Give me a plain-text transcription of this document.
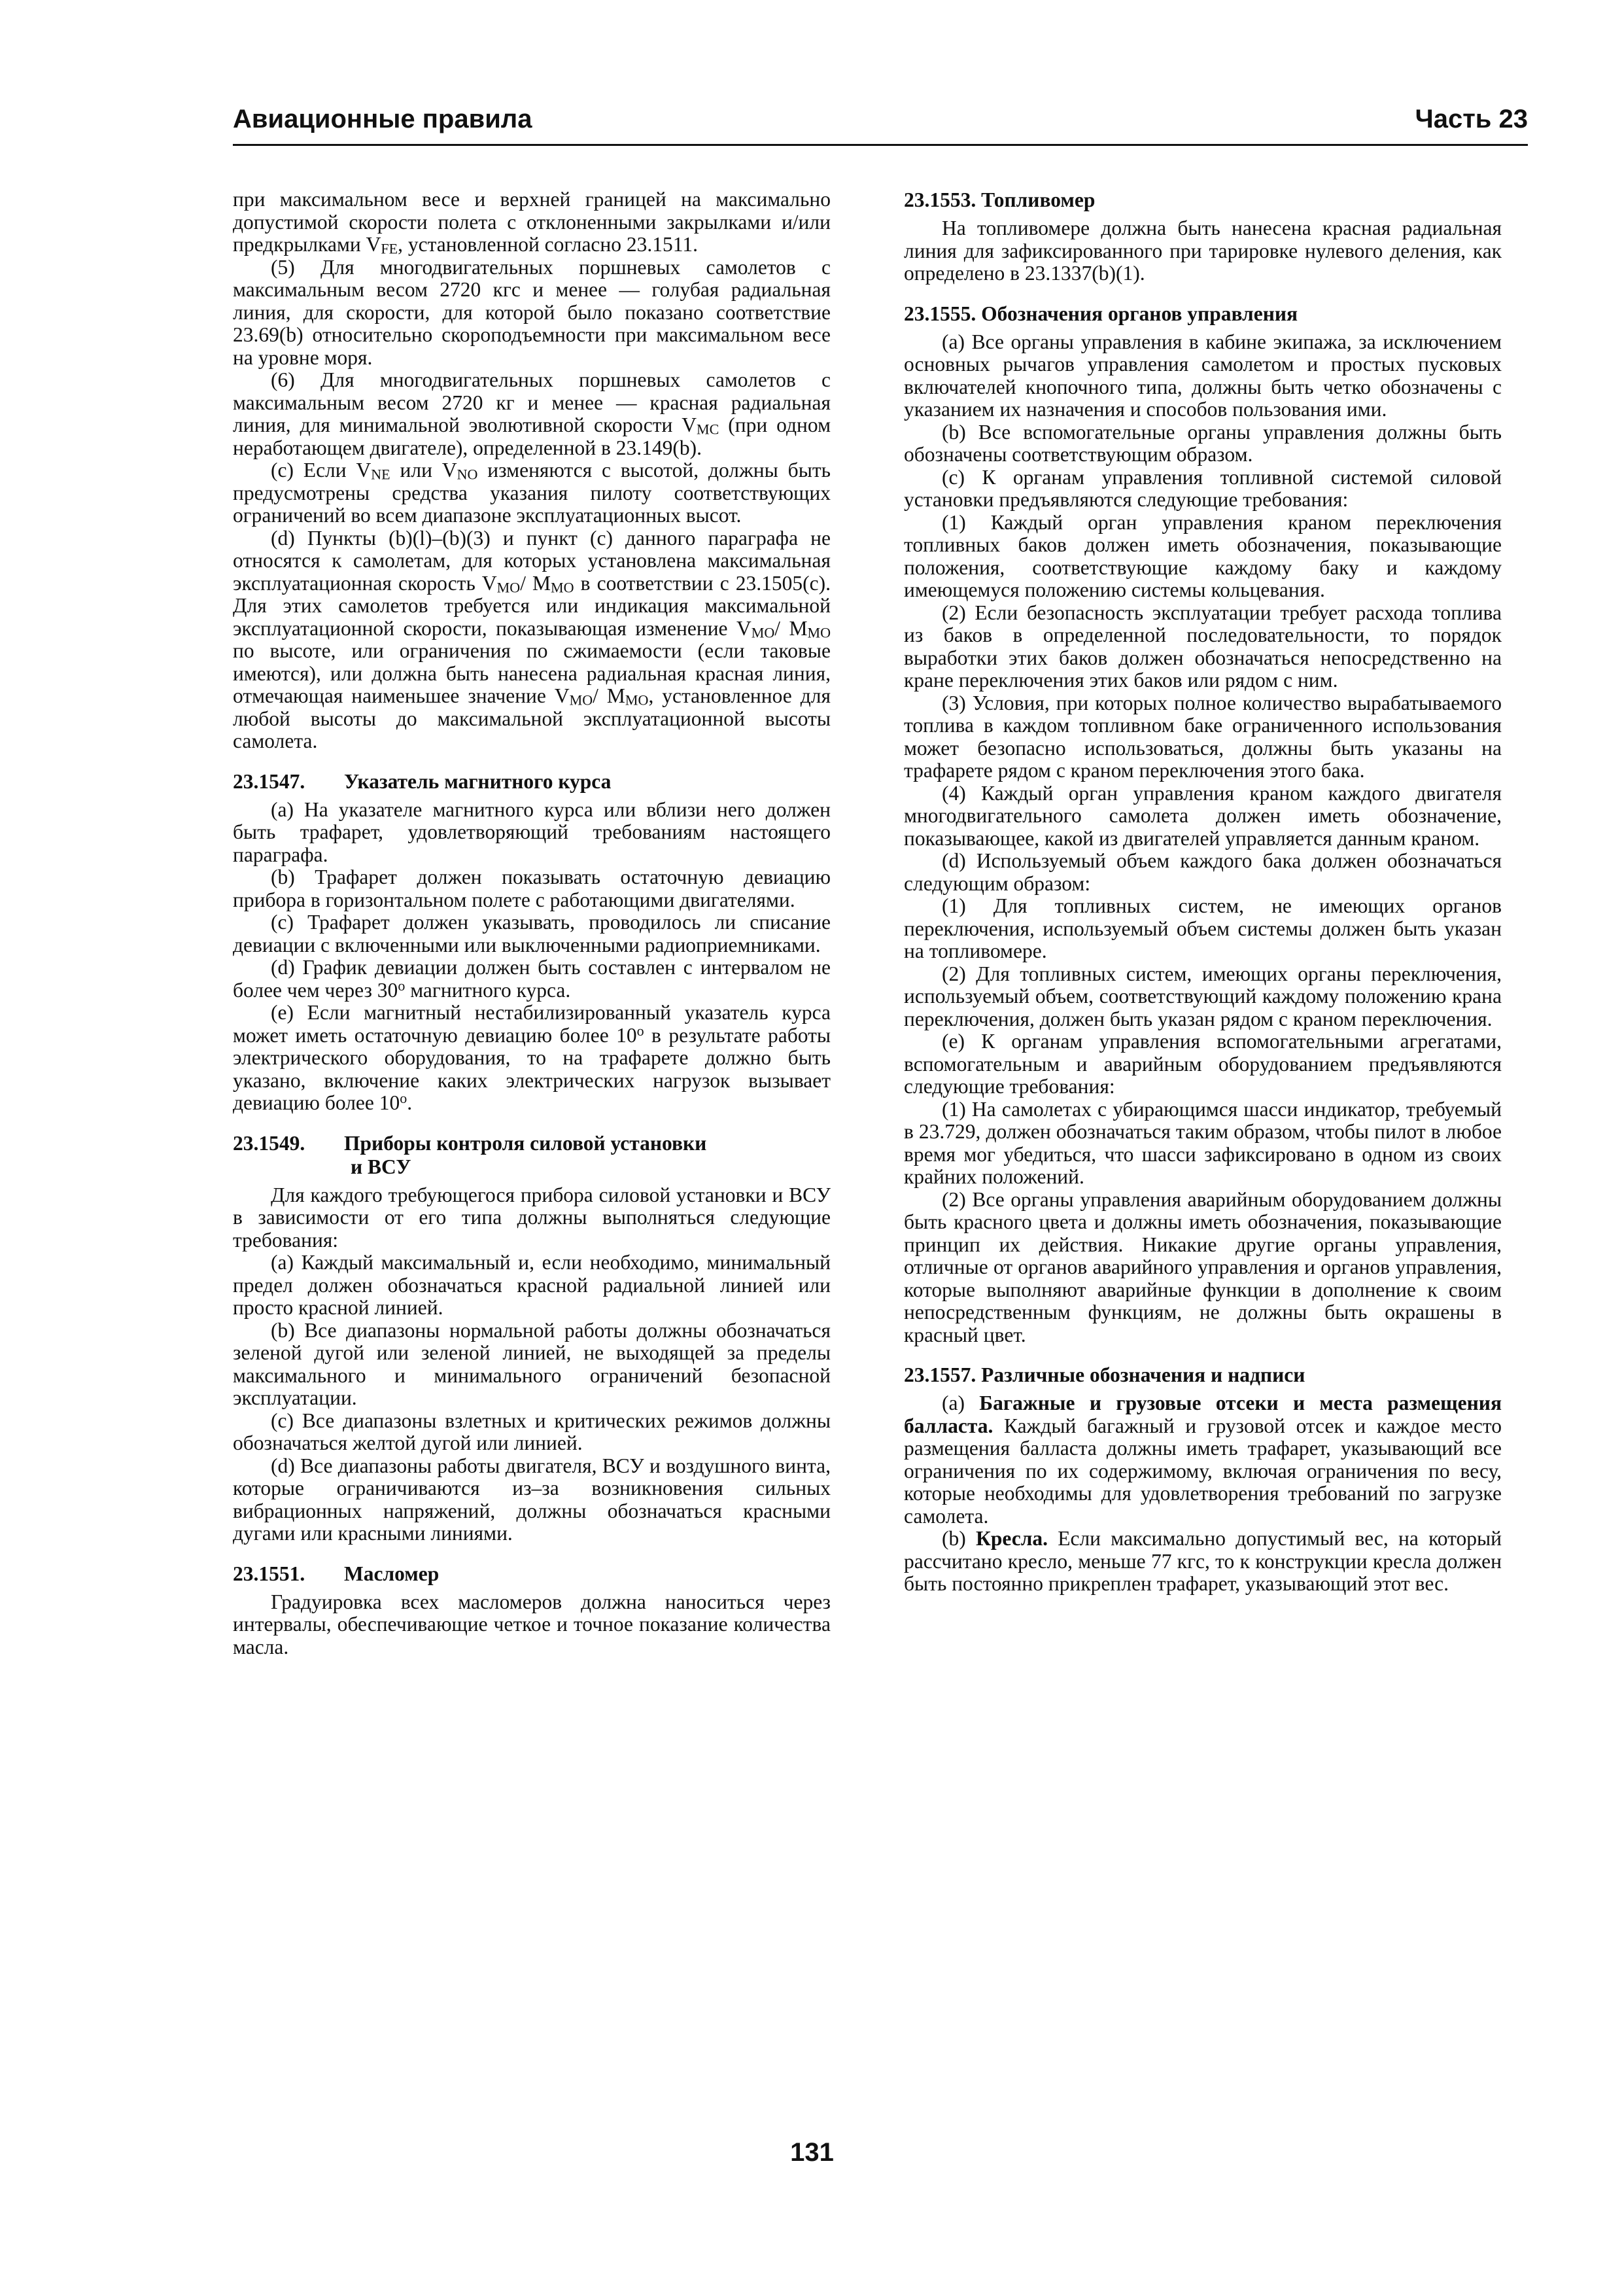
Авиационные правила	Часть 23

при максимальном весе и верхней границей на максимально допустимой скорости полета с отклоненными закрылками и/или предкрылками $V_{FE}$, установленной согласно 23.1511.

(5) Для многодвигательных поршневых самолетов с максимальным весом 2720 кгс и менее — голубая радиальная линия, для скорости, для которой было показано соответствие 23.69(b) относительно скороподъемности при максимальном весе на уровне моря.

(6) Для многодвигательных поршневых самолетов с максимальным весом 2720 кг и менее — красная радиальная линия, для минимальной эволютивной скорости $V_{MC}$ (при одном неработающем двигателе), определенной в 23.149(b).

(c) Если $V_{NE}$ или $V_{NO}$ изменяются с высотой, должны быть предусмотрены средства указания пилоту соответствующих ограничений во всем диапазоне эксплуатационных высот.

(d) Пункты (b)(l)–(b)(3) и пункт (c) данного параграфа не относятся к самолетам, для которых установлена максимальная эксплуатационная скорость $V_{MO}/$ $M_{MO}$ в соответствии с 23.1505(c). Для этих самолетов требуется или индикация максимальной эксплуатационной скорости, показывающая изменение $V_{MO}/$ $M_{MO}$ по высоте, или ограничения по сжимаемости (если таковые имеются), или должна быть нанесена радиальная красная линия, отмечающая наименьшее значение $V_{MO}/$ $M_{MO}$, установленное для любой высоты до максимальной эксплуатационной высоты самолета.

23.1547. Указатель магнитного курса

(a) На указателе магнитного курса или вблизи него должен быть трафарет, удовлетворяющий требованиям настоящего параграфа.

(b) Трафарет должен показывать остаточную девиацию прибора в горизонтальном полете с работающими двигателями.

(c) Трафарет должен указывать, проводилось ли списание девиации с включенными или выключенными радиоприемниками.

(d) График девиации должен быть составлен с интервалом не более чем через 30$^o$ магнитного курса.

(e) Если магнитный нестабилизированный указатель курса может иметь остаточную девиацию более 10$^o$ в результате работы электрического оборудования, то на трафарете должно быть указано, включение каких электрических нагрузок вызывает девиацию более 10$^o$.

23.1549. Приборы контроля силовой установки
и ВСУ

Для каждого требующегося прибора силовой установки и ВСУ в зависимости от его типа должны выполняться следующие требования:

(a) Каждый максимальный и, если необходимо, минимальный предел должен обозначаться красной радиальной линией или просто красной линией.

(b) Все диапазоны нормальной работы должны обозначаться зеленой дугой или зеленой линией, не выходящей за пределы максимального и минимального ограничений безопасной эксплуатации.

(c) Все диапазоны взлетных и критических режимов должны обозначаться желтой дугой или линией.

(d) Все диапазоны работы двигателя, ВСУ и воздушного винта, которые ограничиваются из–за возникновения сильных вибрационных напряжений, должны обозначаться красными дугами или красными линиями.

23.1551. Масломер

Градуировка всех масломеров должна наноситься через интервалы, обеспечивающие четкое и точное показание количества масла.

23.1553. Топливомер

На топливомере должна быть нанесена красная радиальная линия для зафиксированного при тарировке нулевого деления, как определено в 23.1337(b)(1).

23.1555. Обозначения органов управления

(a) Все органы управления в кабине экипажа, за исключением основных рычагов управления самолетом и простых пусковых включателей кнопочного типа, должны быть четко обозначены с указанием их назначения и способов пользования ими.

(b) Все вспомогательные органы управления должны быть обозначены соответствующим образом.

(c) К органам управления топливной системой силовой установки предъявляются следующие требования:

(1) Каждый орган управления краном переключения топливных баков должен иметь обозначения, показывающие положения, соответствующие каждому баку и каждому имеющемуся положению системы кольцевания.

(2) Если безопасность эксплуатации требует расхода топлива из баков в определенной последовательности, то порядок выработки этих баков должен обозначаться непосредственно на кране переключения этих баков или рядом с ним.

(3) Условия, при которых полное количество вырабатываемого топлива в каждом топливном баке ограниченного использования может безопасно использоваться, должны быть указаны на трафарете рядом с краном переключения этого бака.

(4) Каждый орган управления краном каждого двигателя многодвигательного самолета должен иметь обозначение, показывающее, какой из двигателей управляется данным краном.

(d) Используемый объем каждого бака должен обозначаться следующим образом:

(1) Для топливных систем, не имеющих органов переключения, используемый объем системы должен быть указан на топливомере.

(2) Для топливных систем, имеющих органы переключения, используемый объем, соответствующий каждому положению крана переключения, должен быть указан рядом с краном переключения.

(e) К органам управления вспомогательными агрегатами, вспомогательным и аварийным оборудованием предъявляются следующие требования:

(1) На самолетах с убирающимся шасси индикатор, требуемый в 23.729, должен обозначаться таким образом, чтобы пилот в любое время мог убедиться, что шасси зафиксировано в одном из своих крайних положений.

(2) Все органы управления аварийным оборудованием должны быть красного цвета и должны иметь обозначения, показывающие принцип их действия. Никакие другие органы управления, отличные от органов аварийного управления и органов управления, которые выполняют аварийные функции в дополнение к своим непосредственным функциям, не должны быть окрашены в красный цвет.

23.1557. Различные обозначения и надписи

(a) Багажные и грузовые отсеки и места размещения балласта. Каждый багажный и грузовой отсек и каждое место размещения балласта должны иметь трафарет, указывающий все ограничения по их содержимому, включая ограничения по весу, которые необходимы для удовлетворения требований по загрузке самолета.

(b) Кресла. Если максимально допустимый вес, на который рассчитано кресло, меньше 77 кгс, то к конструкции кресла должен быть постоянно прикреплен трафарет, указывающий этот вес.

131
